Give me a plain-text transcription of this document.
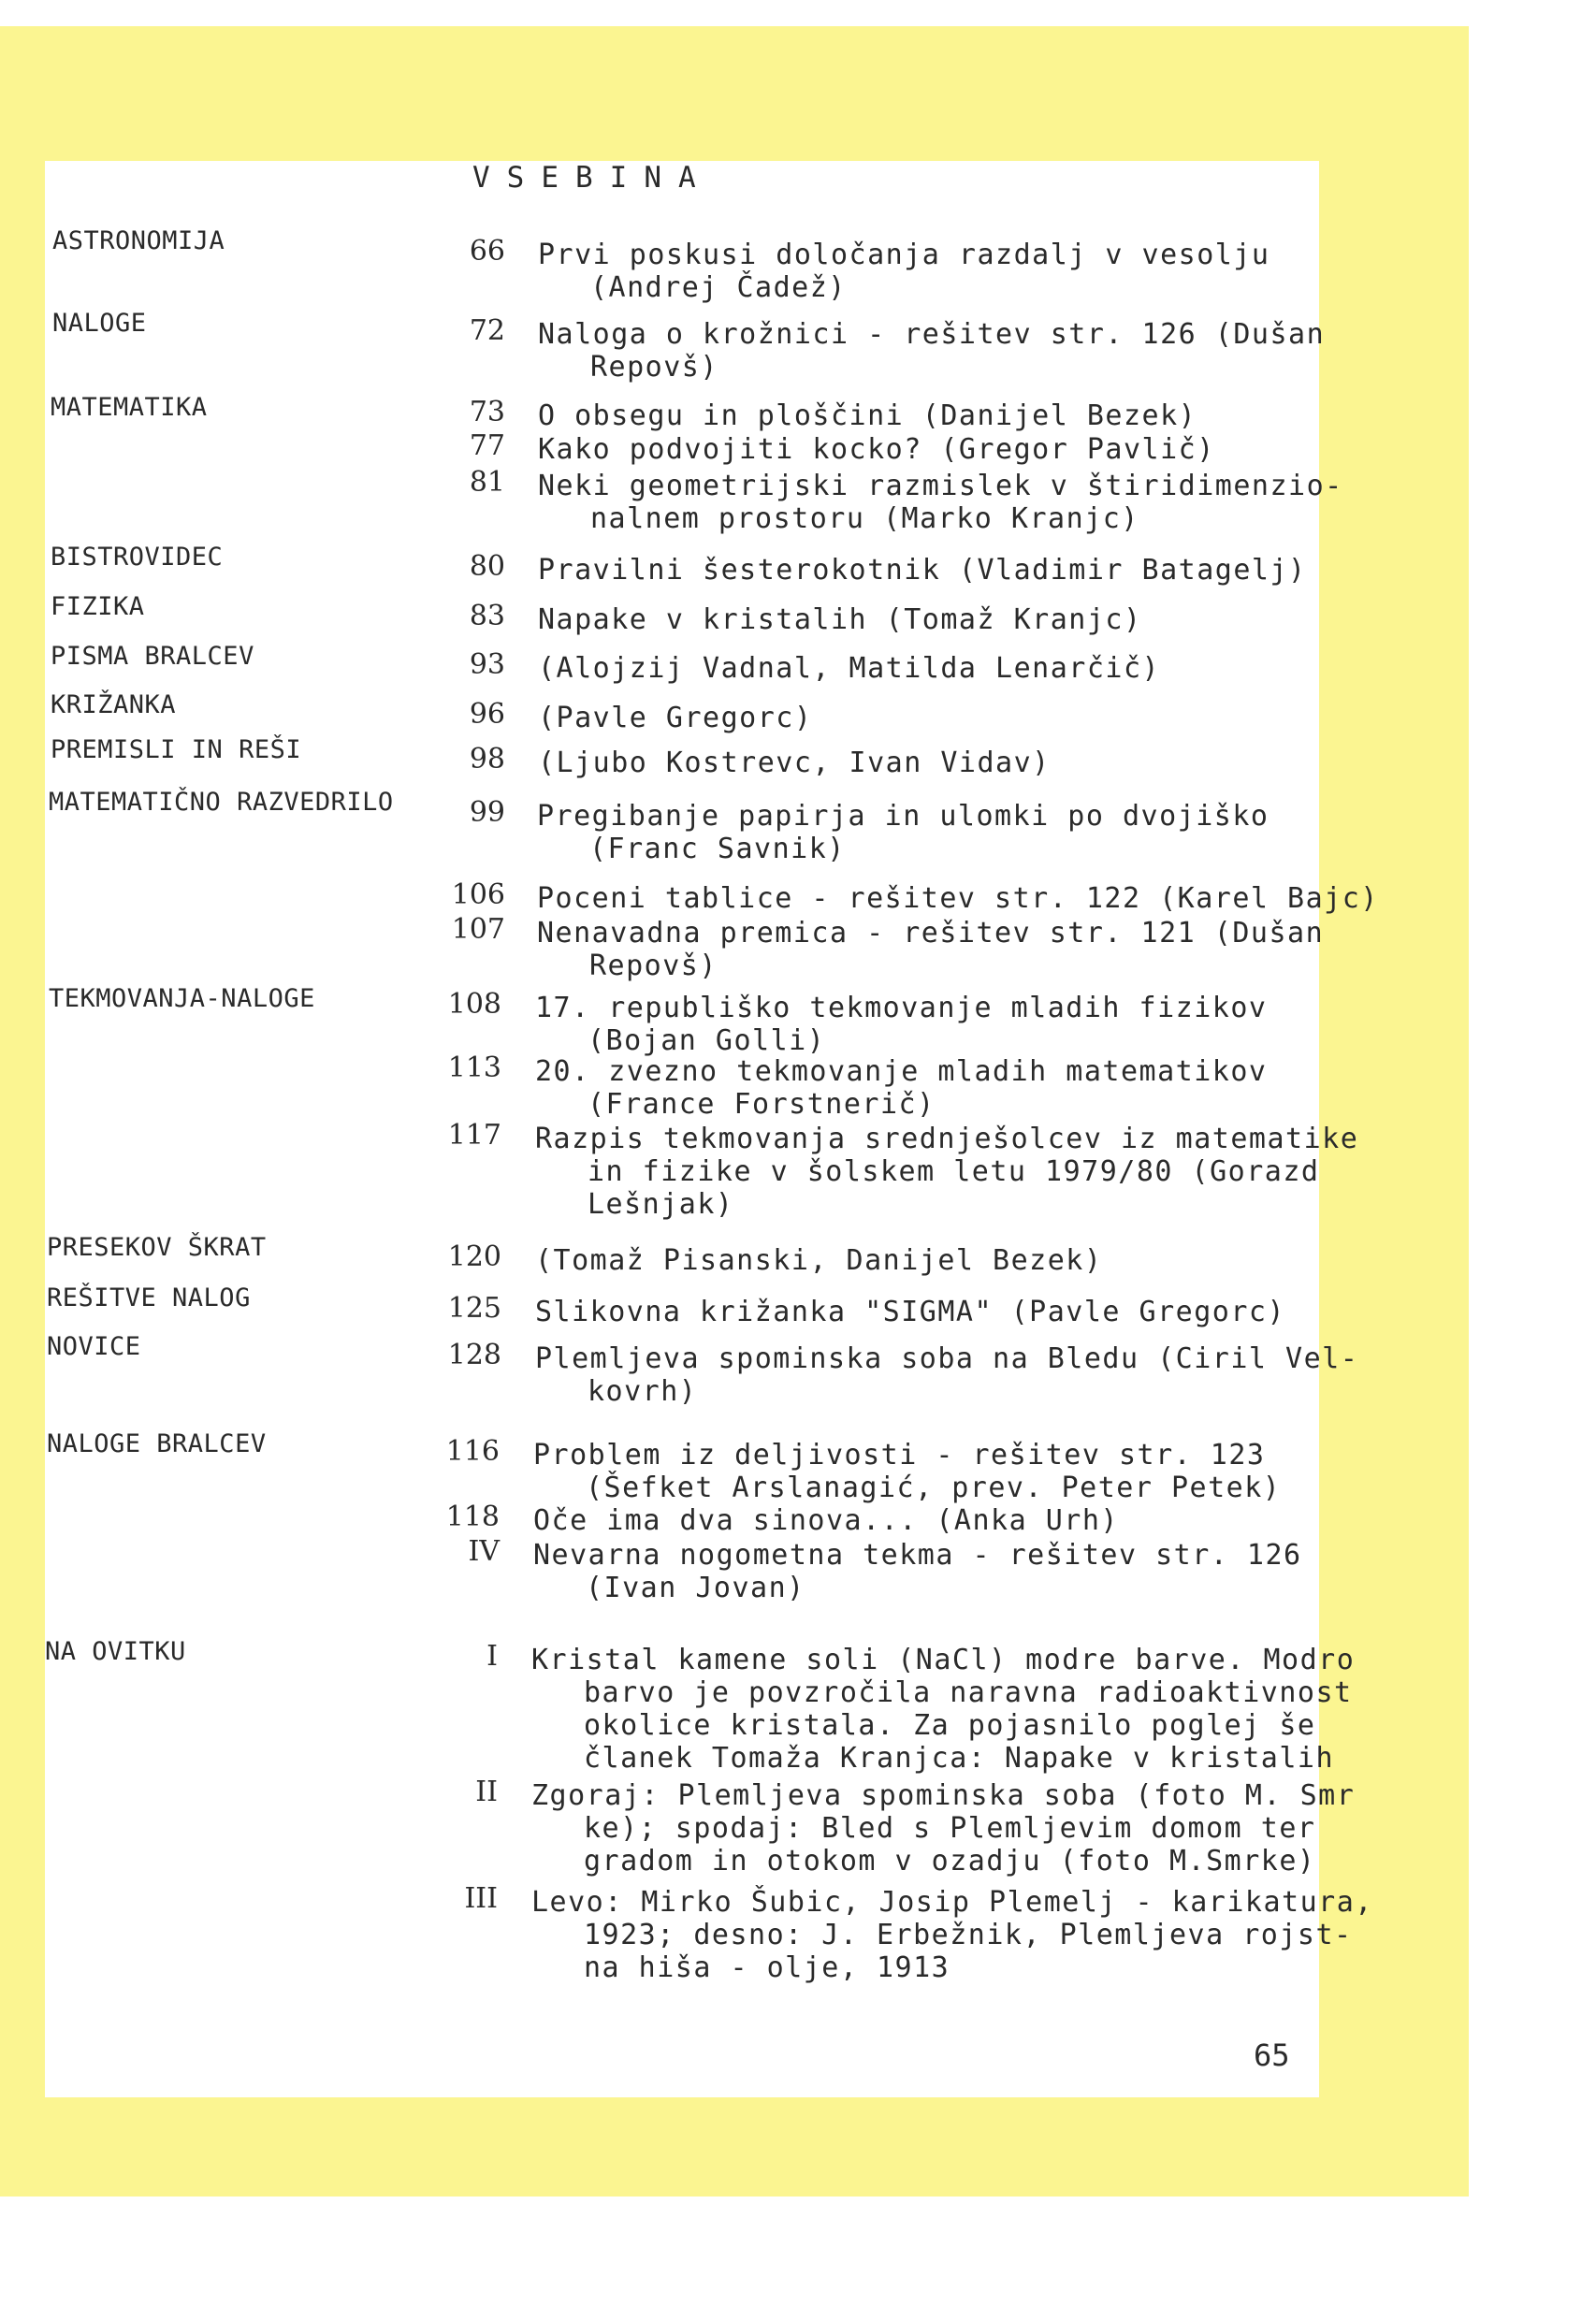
VSEBINA
ASTRONOMIJA	66 Prvi poskusi določanja razdalj v vesolju
(Andrej Čadež)
NALOGE	72 Naloga o krožnici - rešitev str. 126 (Dušan
Repovš)
MATEMATIKA	73 O obsegu in ploščini (Danijel Bezek)
77 Kako podvojiti kocko? (Gregor Pavlič)
81 Neki geometrijski razmislek v štiridimenzio-
nalnem prostoru (Marko Kranjc)
BISTROVIDEC	80 Pravilni šesterokotnik (Vladimir Batagelj)
FIZIKA	83 Napake v kristalih (Tomaž Kranjc)
PISMA BRALCEV	93 (Alojzij Vadnal, Matilda Lenarčič)
KRIŽANKA	96 (Pavle Gregorc)
PREMISLI IN REŠI	98 (Ljubo Kostrevc, Ivan Vidav)
MATEMATIČNO RAZVEDRILO	99 Pregibanje papirja in ulomki po dvojiško
(Franc Savnik)
106 Poceni tablice - rešitev str. 122 (Karel Bajc)
107 Nenavadna premica - rešitev str. 121 (Dušan
Repovš)
TEKMOVANJA-NALOGE	108 17. republiško tekmovanje mladih fizikov
(Bojan Golli)
113 20. zvezno tekmovanje mladih matematikov
(France Forstnerič)
117 Razpis tekmovanja srednješolcev iz matematike
in fizike v šolskem letu 1979/80 (Gorazd
Lešnjak)
PRESEKOV ŠKRAT	120 (Tomaž Pisanski, Danijel Bezek)
REŠITVE NALOG	125 Slikovna križanka "SIGMA" (Pavle Gregorc)
NOVICE	128 Plemljeva spominska soba na Bledu (Ciril Vel-
kovrh)
NALOGE BRALCEV	116 Problem iz deljivosti - rešitev str. 123
(Šefket Arslanagić, prev. Peter Petek)
118 Oče ima dva sinova... (Anka Urh)
IV Nevarna nogometna tekma - rešitev str. 126
(Ivan Jovan)
NA OVITKU	I Kristal kamene soli (NaCl) modre barve. Modro
barvo je povzročila naravna radioaktivnost
okolice kristala. Za pojasnilo poglej še
članek Tomaža Kranjca: Napake v kristalih
II Zgoraj: Plemljeva spominska soba (foto M. Smr
ke); spodaj: Bled s Plemljevim domom ter
gradom in otokom v ozadju (foto M.Smrke)
III Levo: Mirko Šubic, Josip Plemelj - karikatura,
1923; desno: J. Erbežnik, Plemljeva rojst-
na hiša - olje, 1913
65
